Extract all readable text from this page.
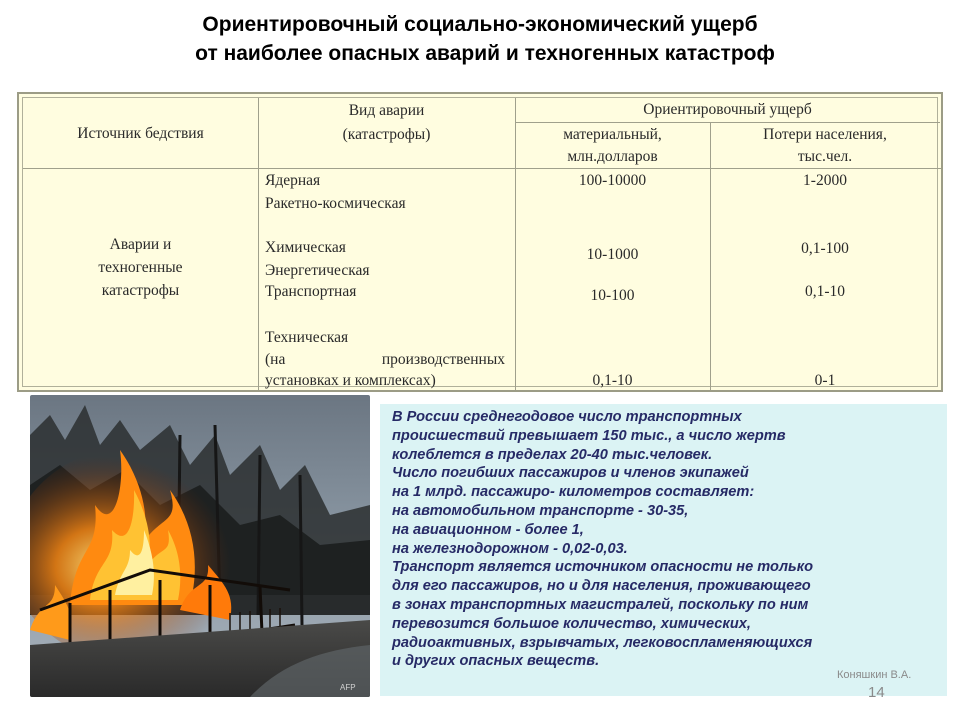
Ориентировочный социально-экономический ущерб
от наиболее опасных аварий и техногенных катастроф
Источник бедствия
Вид аварии
(катастрофы)
Ориентировочный ущерб
материальный,
млн.долларов
Потери населения,
тыс.чел.
Аварии и
техногенные
катастрофы
Ядерная
Ракетно-космическая
Химическая
Энергетическая
Транспортная
Техническая
(на производственных
установках и комплексах)
100-10000
10-1000
10-100
0,1-10
1-2000
0,1-100
0,1-10
0-1
AFP

В России среднегодовое число транспортных

происшествий превышает 150 тыс., а число жертв

колеблется в пределах 20-40 тыс.человек.

Число погибших пассажиров и членов экипажей

на 1 млрд. пассажиро- километров составляет:

на автомобильном транспорте - 30-35,

на авиационном - более 1,

на железнодорожном - 0,02-0,03.

Транспорт является источником опасности не только

для его пассажиров, но и для населения, проживающего

в зонах транспортных магистралей, поскольку по ним

перевозится большое количество, химических,

радиоактивных, взрывчатых, легковоспламеняющихся

и других опасных веществ.

Коняшкин В.А.
14
